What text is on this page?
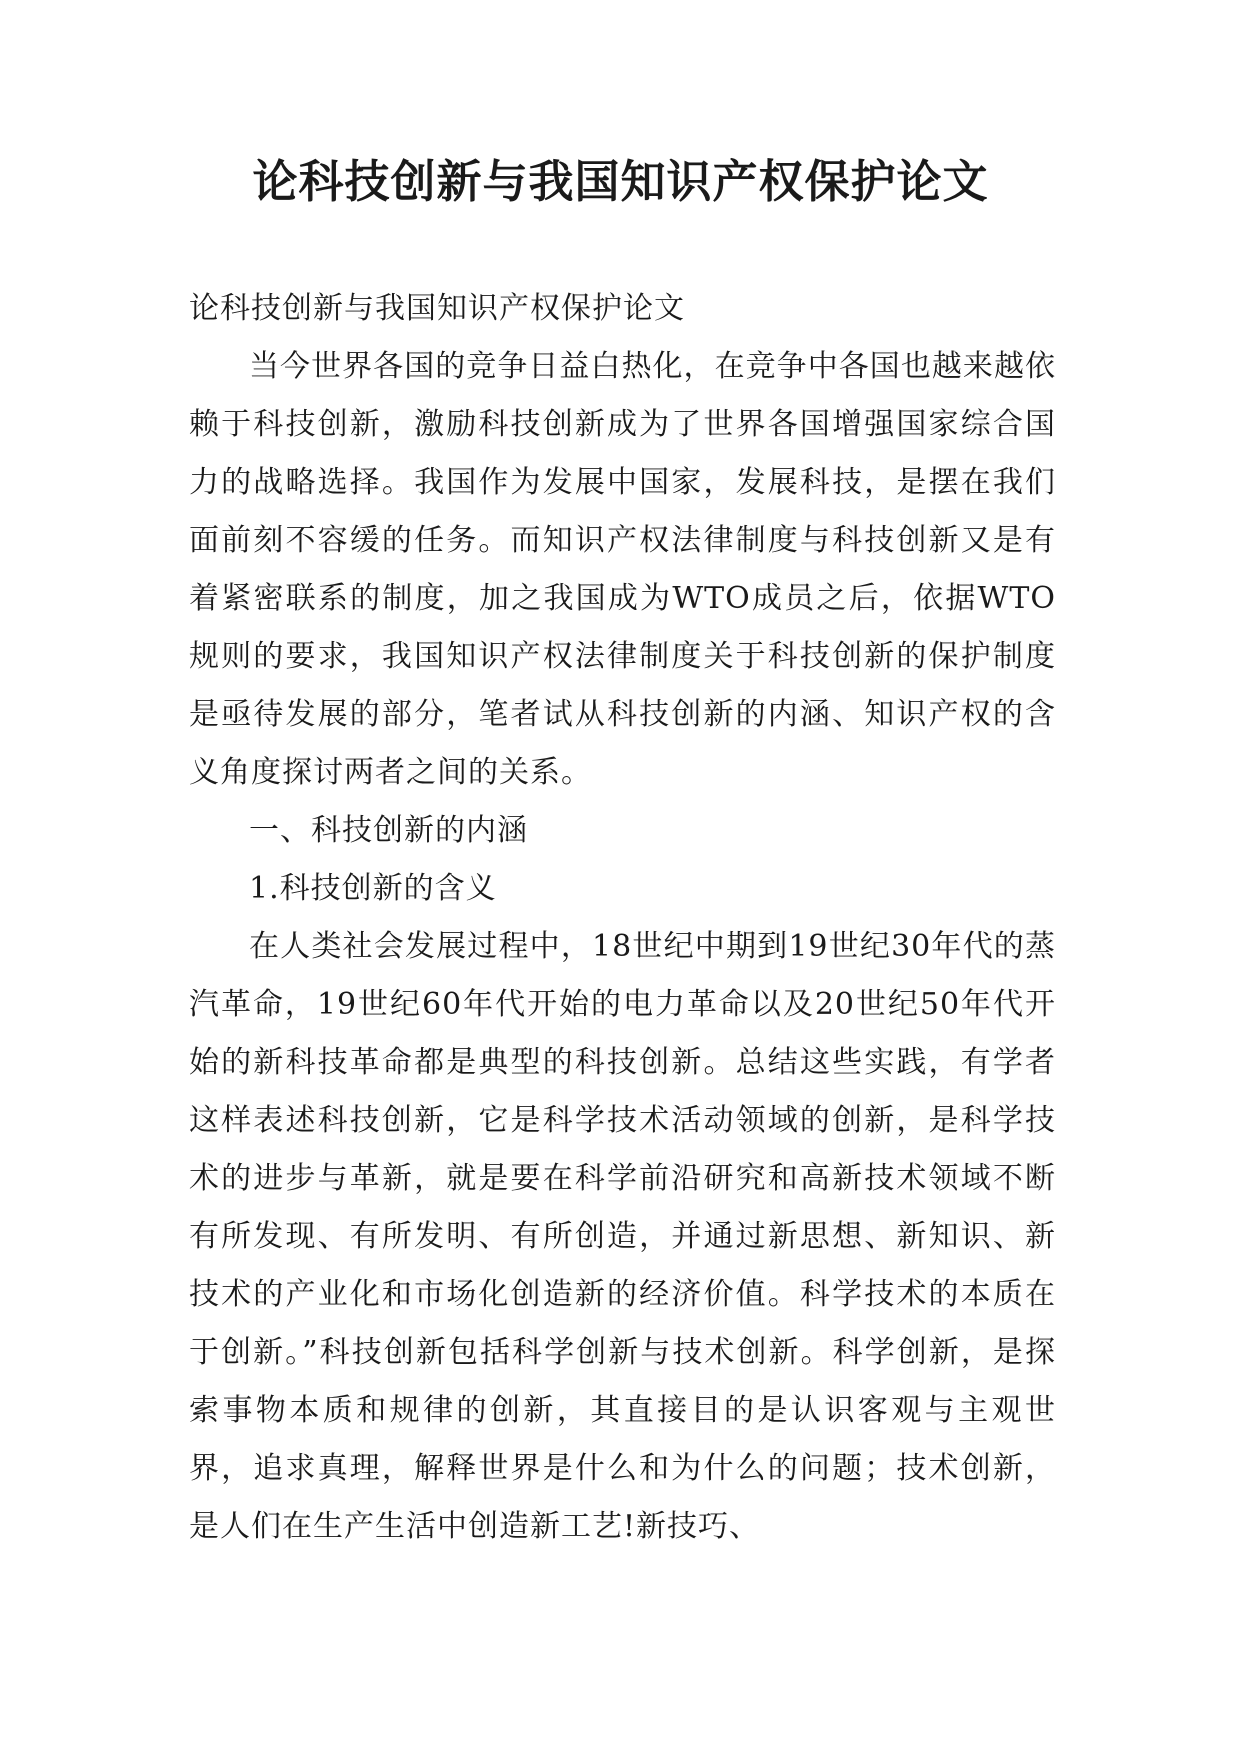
论科技创新与我国知识产权保护论文

论科技创新与我国知识产权保护论文

当今世界各国的竞争日益白热化，在竞争中各国也越来越依赖于科技创新，激励科技创新成为了世界各国增强国家综合国力的战略选择。我国作为发展中国家，发展科技，是摆在我们面前刻不容缓的任务。而知识产权法律制度与科技创新又是有着紧密联系的制度，加之我国成为WTO成员之后，依据WTO规则的要求，我国知识产权法律制度关于科技创新的保护制度是亟待发展的部分，笔者试从科技创新的内涵、知识产权的含义角度探讨两者之间的关系。

一、科技创新的内涵

1.科技创新的含义

在人类社会发展过程中，18世纪中期到19世纪30年代的蒸汽革命，19世纪60年代开始的电力革命以及20世纪50年代开始的新科技革命都是典型的科技创新。总结这些实践，有学者这样表述科技创新，它是科学技术活动领域的创新，是科学技术的进步与革新，就是要在科学前沿研究和高新技术领域不断有所发现、有所发明、有所创造，并通过新思想、新知识、新技术的产业化和市场化创造新的经济价值。科学技术的本质在于创新。”科技创新包括科学创新与技术创新。科学创新，是探索事物本质和规律的创新，其直接目的是认识客观与主观世界，追求真理，解释世界是什么和为什么的问题；技术创新，是人们在生产生活中创造新工艺!新技巧、
